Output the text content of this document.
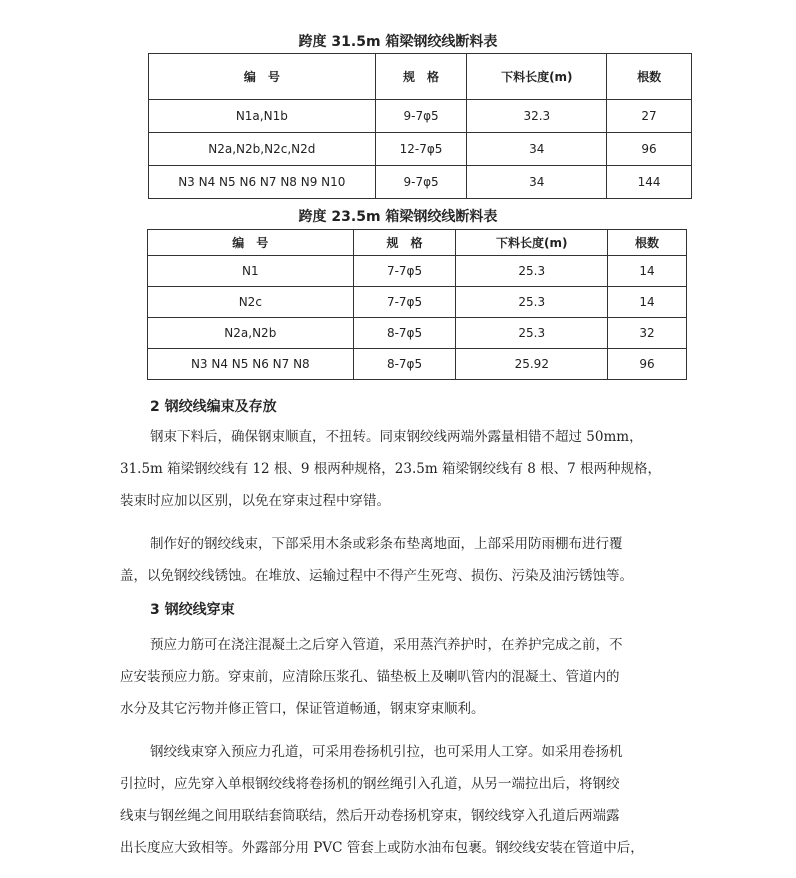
跨度 31.5m 箱梁钢绞线断料表
编　号	规　格	下料长度(m)	根数
N1a,N1b	9-7φ5	32.3	27
N2a,N2b,N2c,N2d	12-7φ5	34	96
N3 N4 N5 N6 N7 N8 N9 N10	9-7φ5	34	144
跨度 23.5m 箱梁钢绞线断料表
编　号	规　格	下料长度(m)	根数
N1	7-7φ5	25.3	14
N2c	7-7φ5	25.3	14
N2a,N2b	8-7φ5	25.3	32
N3 N4 N5 N6 N7 N8	8-7φ5	25.92	96
2 钢绞线编束及存放
钢束下料后，确保钢束顺直，不扭转。同束钢绞线两端外露量相错不超过 50mm，
31.5m 箱梁钢绞线有 12 根、9 根两种规格，23.5m 箱梁钢绞线有 8 根、7 根两种规格，
装束时应加以区别，以免在穿束过程中穿错。
制作好的钢绞线束，下部采用木条或彩条布垫离地面，上部采用防雨棚布进行覆
盖，以免钢绞线锈蚀。在堆放、运输过程中不得产生死弯、损伤、污染及油污锈蚀等。
3 钢绞线穿束
预应力筋可在浇注混凝土之后穿入管道，采用蒸汽养护时，在养护完成之前，不
应安装预应力筋。穿束前，应清除压浆孔、锚垫板上及喇叭管内的混凝土、管道内的
水分及其它污物并修正管口，保证管道畅通，钢束穿束顺利。
钢绞线束穿入预应力孔道，可采用卷扬机引拉，也可采用人工穿。如采用卷扬机
引拉时，应先穿入单根钢绞线将卷扬机的钢丝绳引入孔道，从另一端拉出后，将钢绞
线束与钢丝绳之间用联结套筒联结，然后开动卷扬机穿束，钢绞线穿入孔道后两端露
出长度应大致相等。外露部分用 PVC 管套上或防水油布包裹。钢绞线安装在管道中后，
